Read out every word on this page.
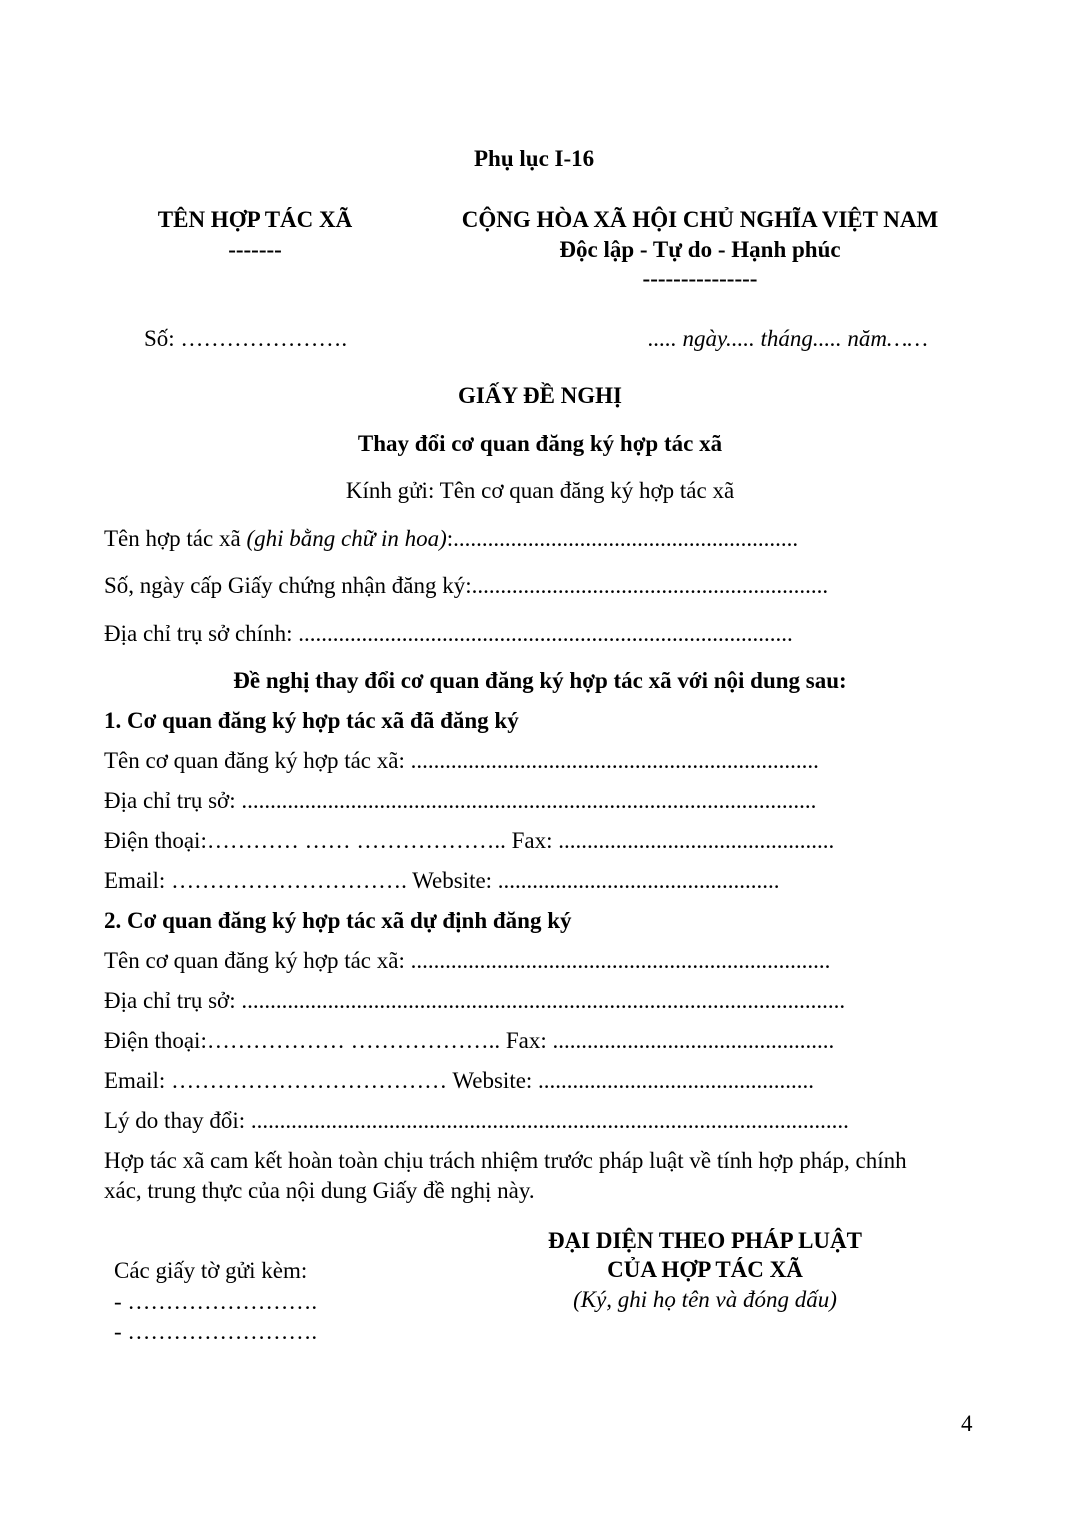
Phụ lục I-16
TÊN HỢP TÁC XÃ
-------
CỘNG HÒA XÃ HỘI CHỦ NGHĨA VIỆT NAM
Độc lập - Tự do - Hạnh phúc
---------------
Số: ………………….	..... ngày..... tháng..... năm……
GIẤY ĐỀ NGHỊ
Thay đổi cơ quan đăng ký hợp tác xã
Kính gửi: Tên cơ quan đăng ký hợp tác xã
Tên hợp tác xã (ghi bằng chữ in hoa):............................................................
Số, ngày cấp Giấy chứng nhận đăng ký:..............................................................
Địa chỉ trụ sở chính: ......................................................................................
Đề nghị thay đổi cơ quan đăng ký hợp tác xã với nội dung sau:
1. Cơ quan đăng ký hợp tác xã đã đăng ký
Tên cơ quan đăng ký hợp tác xã: .......................................................................
Địa chỉ trụ sở: ....................................................................................................
Điện thoại:………… …… ……………….. Fax: ................................................
Email: …………………………. Website: .................................................
2. Cơ quan đăng ký hợp tác xã dự định đăng ký
Tên cơ quan đăng ký hợp tác xã: .........................................................................
Địa chỉ trụ sở: .........................................................................................................
Điện thoại:……………… ……………….. Fax: .................................................
Email: ……………………………… Website: ................................................
Lý do thay đổi: ........................................................................................................
Hợp tác xã cam kết hoàn toàn chịu trách nhiệm trước pháp luật về tính hợp pháp, chính
xác, trung thực của nội dung Giấy đề nghị này.
ĐẠI DIỆN THEO PHÁP LUẬT
CỦA HỢP TÁC XÃ
(Ký, ghi họ tên và đóng dấu)
Các giấy tờ gửi kèm:
- …………………….
- …………………….
4
